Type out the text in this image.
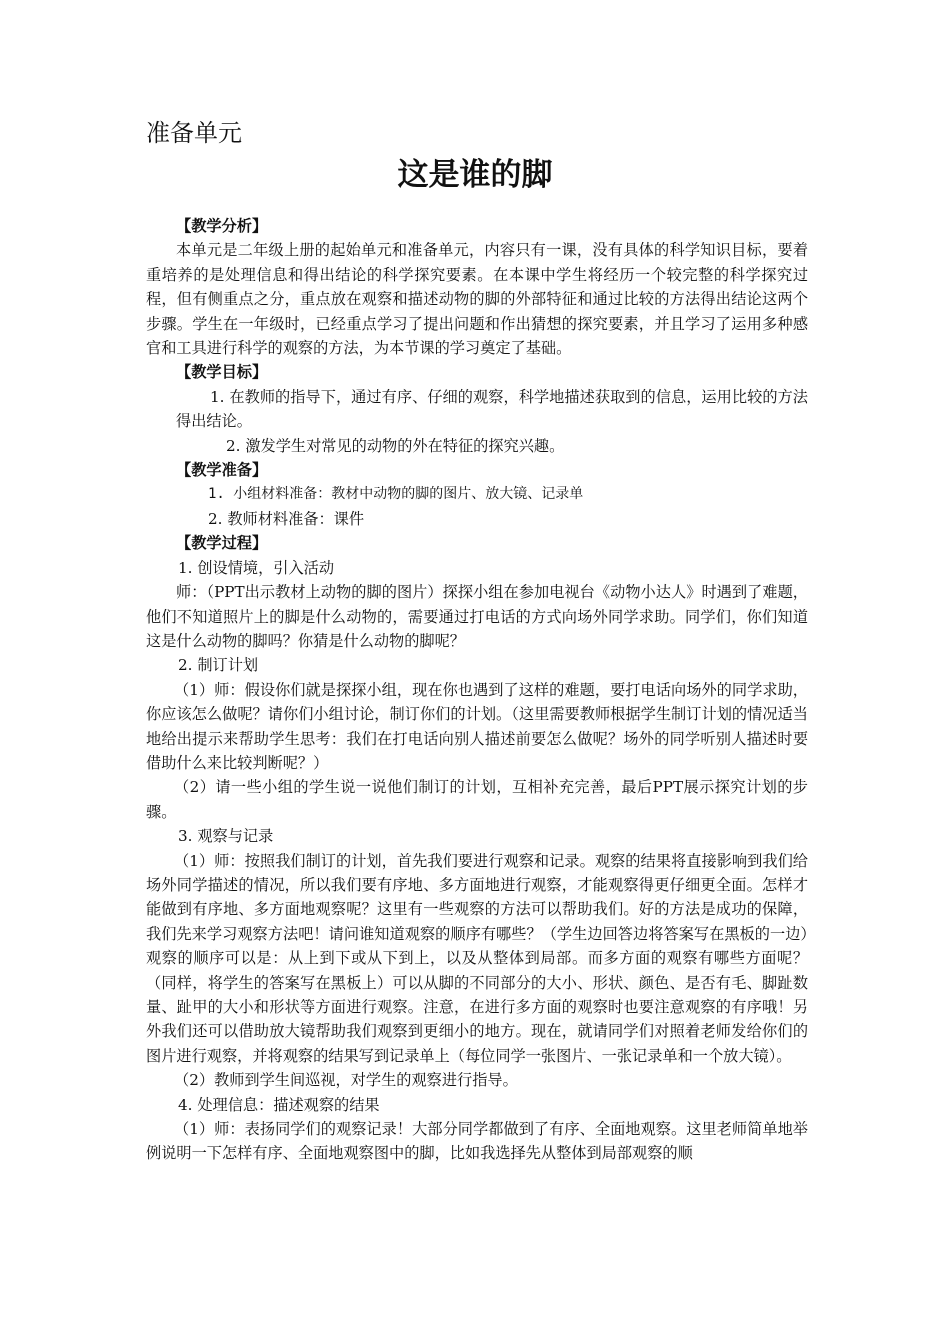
准备单元
这是谁的脚

【教学分析】

本单元是二年级上册的起始单元和准备单元，内容只有一课，没有具体的科学知识目标，要着重培养的是处理信息和得出结论的科学探究要素。在本课中学生将经历一个较完整的科学探究过程，但有侧重点之分，重点放在观察和描述动物的脚的外部特征和通过比较的方法得出结论这两个步骤。学生在一年级时，已经重点学习了提出问题和作出猜想的探究要素，并且学习了运用多种感官和工具进行科学的观察的方法，为本节课的学习奠定了基础。

【教学目标】

1. 在教师的指导下，通过有序、仔细的观察，科学地描述获取到的信息，运用比较的方法得出结论。

2. 激发学生对常见的动物的外在特征的探究兴趣。

【教学准备】

1. 小组材料准备：教材中动物的脚的图片、放大镜、记录单

2. 教师材料准备：课件

【教学过程】

1. 创设情境，引入活动

师：（PPT出示教材上动物的脚的图片）探探小组在参加电视台《动物小达人》时遇到了难题，他们不知道照片上的脚是什么动物的，需要通过打电话的方式向场外同学求助。同学们，你们知道这是什么动物的脚吗？你猜是什么动物的脚呢？

2. 制订计划

（1）师：假设你们就是探探小组，现在你也遇到了这样的难题，要打电话向场外的同学求助，你应该怎么做呢？请你们小组讨论，制订你们的计划。（这里需要教师根据学生制订计划的情况适当地给出提示来帮助学生思考：我们在打电话向别人描述前要怎么做呢？场外的同学听别人描述时要借助什么来比较判断呢？）

（2）请一些小组的学生说一说他们制订的计划，互相补充完善，最后PPT展示探究计划的步骤。

3. 观察与记录

（1）师：按照我们制订的计划，首先我们要进行观察和记录。观察的结果将直接影响到我们给场外同学描述的情况，所以我们要有序地、多方面地进行观察，才能观察得更仔细更全面。怎样才能做到有序地、多方面地观察呢？这里有一些观察的方法可以帮助我们。好的方法是成功的保障，我们先来学习观察方法吧！请问谁知道观察的顺序有哪些？（学生边回答边将答案写在黑板的一边）观察的顺序可以是：从上到下或从下到上，以及从整体到局部。而多方面的观察有哪些方面呢？（同样，将学生的答案写在黑板上）可以从脚的不同部分的大小、形状、颜色、是否有毛、脚趾数量、趾甲的大小和形状等方面进行观察。注意，在进行多方面的观察时也要注意观察的有序哦！另外我们还可以借助放大镜帮助我们观察到更细小的地方。现在，就请同学们对照着老师发给你们的图片进行观察，并将观察的结果写到记录单上（每位同学一张图片、一张记录单和一个放大镜）。

（2）教师到学生间巡视，对学生的观察进行指导。

4. 处理信息：描述观察的结果

（1）师：表扬同学们的观察记录！大部分同学都做到了有序、全面地观察。这里老师简单地举例说明一下怎样有序、全面地观察图中的脚，比如我选择先从整体到局部观察的顺
